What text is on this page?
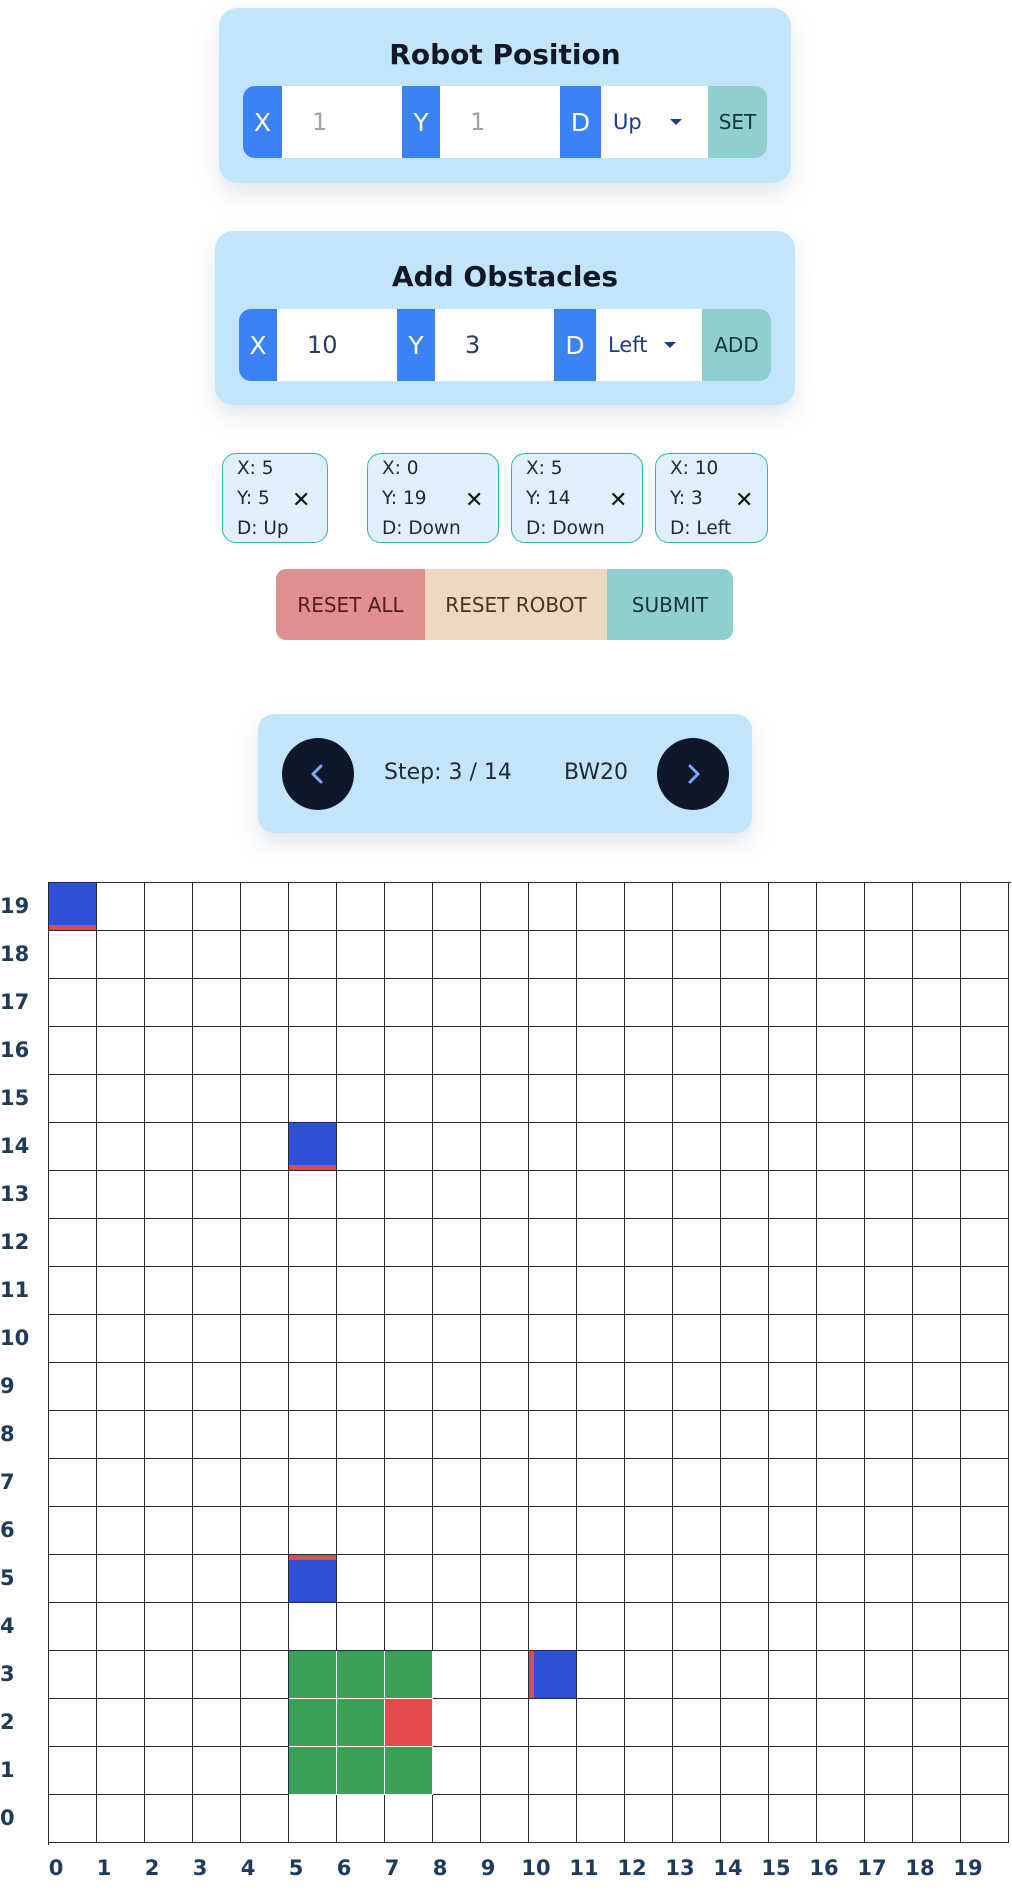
Robot Position
X
1	Y
1	D	Up	SET
Add Obstacles
X
10	Y
3	D	Left	ADD
X: 5
Y: 5
D: Up
✕
X: 0
Y: 19
D: Down
✕
X: 5
Y: 14
D: Down
✕
X: 10
Y: 3
D: Left
✕
RESET ALL	RESET ROBOT	SUBMIT
Step: 3 / 14 BW20
0
1
2
3
4
5
6
7
8
9
10
11
12
13
14
15
16
17
18
19
0	1	2	3	4	5	6	7	8	9	10 11 12 13 14 15 16 17 18 19
